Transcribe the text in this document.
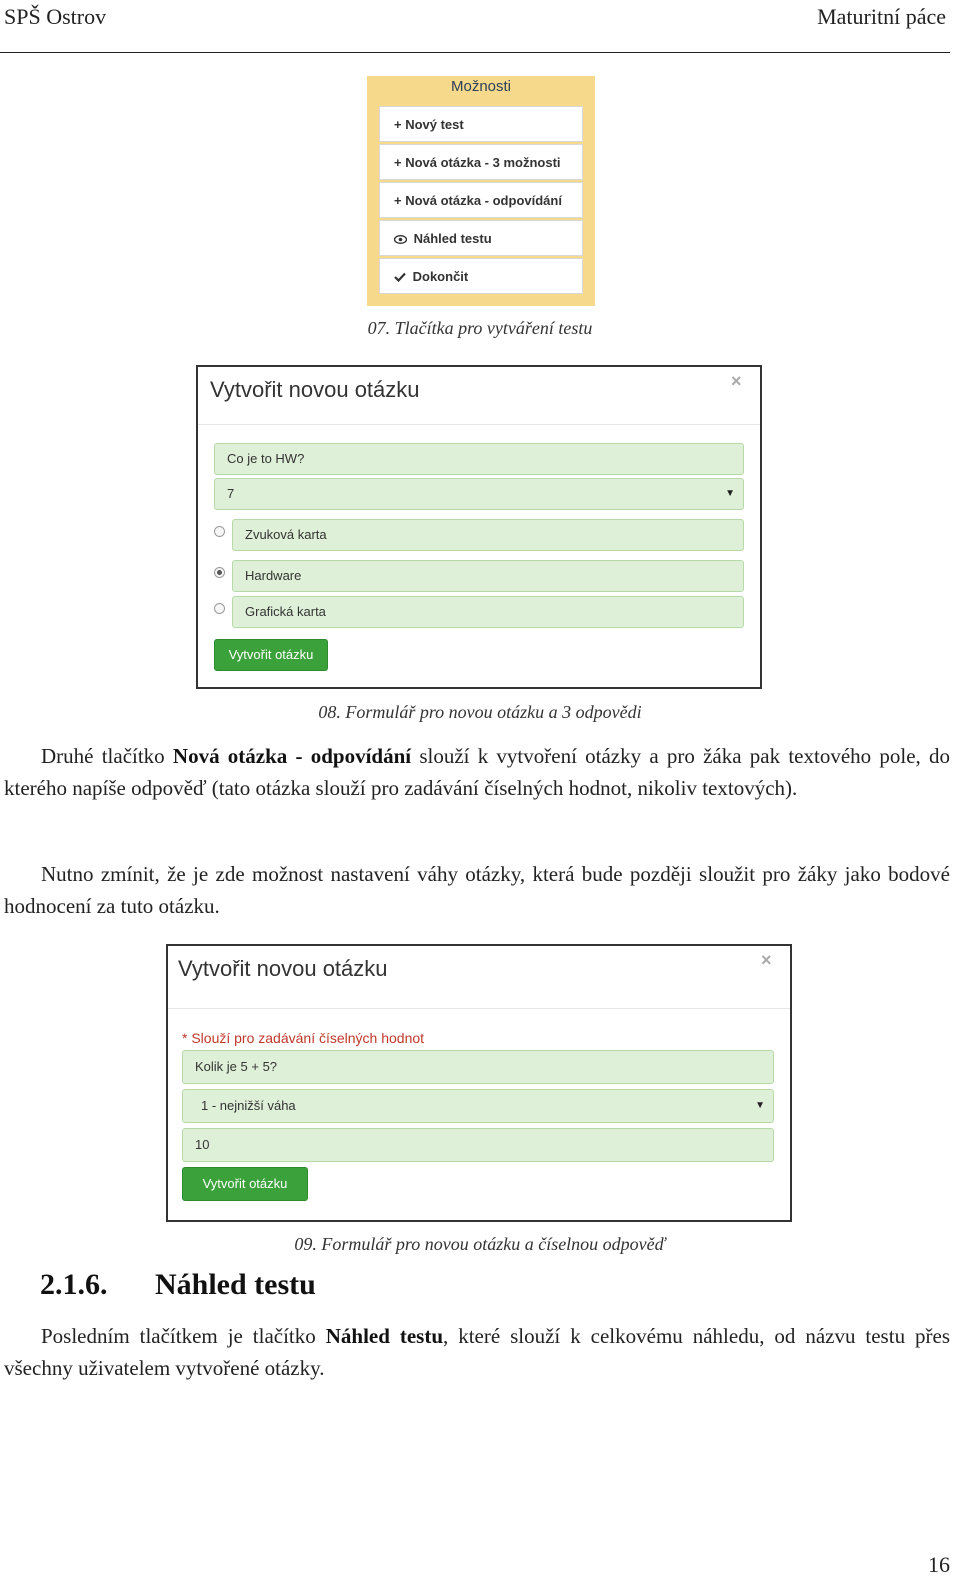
SPŠ Ostrov	Maturitní páce
Možnosti
+ Nový test
+ Nová otázka - 3 možnosti
+ Nová otázka - odpovídání
Náhled testu
Dokončit
07. Tlačítka pro vytváření testu
Vytvořit novou otázku	×
Co je to HW?
7	▼
Zvuková karta
Hardware
Grafická karta
Vytvořit otázku
08. Formulář pro novou otázku a 3 odpovědi
Druhé tlačítko Nová otázka - odpovídání slouží k vytvoření otázky a pro žáka pak textového pole, do kterého napíše odpověď (tato otázka slouží pro zadávání číselných hodnot, nikoliv textových).
Nutno zmínit, že je zde možnost nastavení váhy otázky, která bude později sloužit pro žáky jako bodové hodnocení za tuto otázku.
Vytvořit novou otázku	×
* Slouží pro zadávání číselných hodnot
Kolik je 5 + 5?
1 - nejnižší váha	▼
10
Vytvořit otázku
09. Formulář pro novou otázku a číselnou odpověď
2.1.6. Náhled testu
Posledním tlačítkem je tlačítko Náhled testu, které slouží k celkovému náhledu, od názvu testu přes všechny uživatelem vytvořené otázky.
16
